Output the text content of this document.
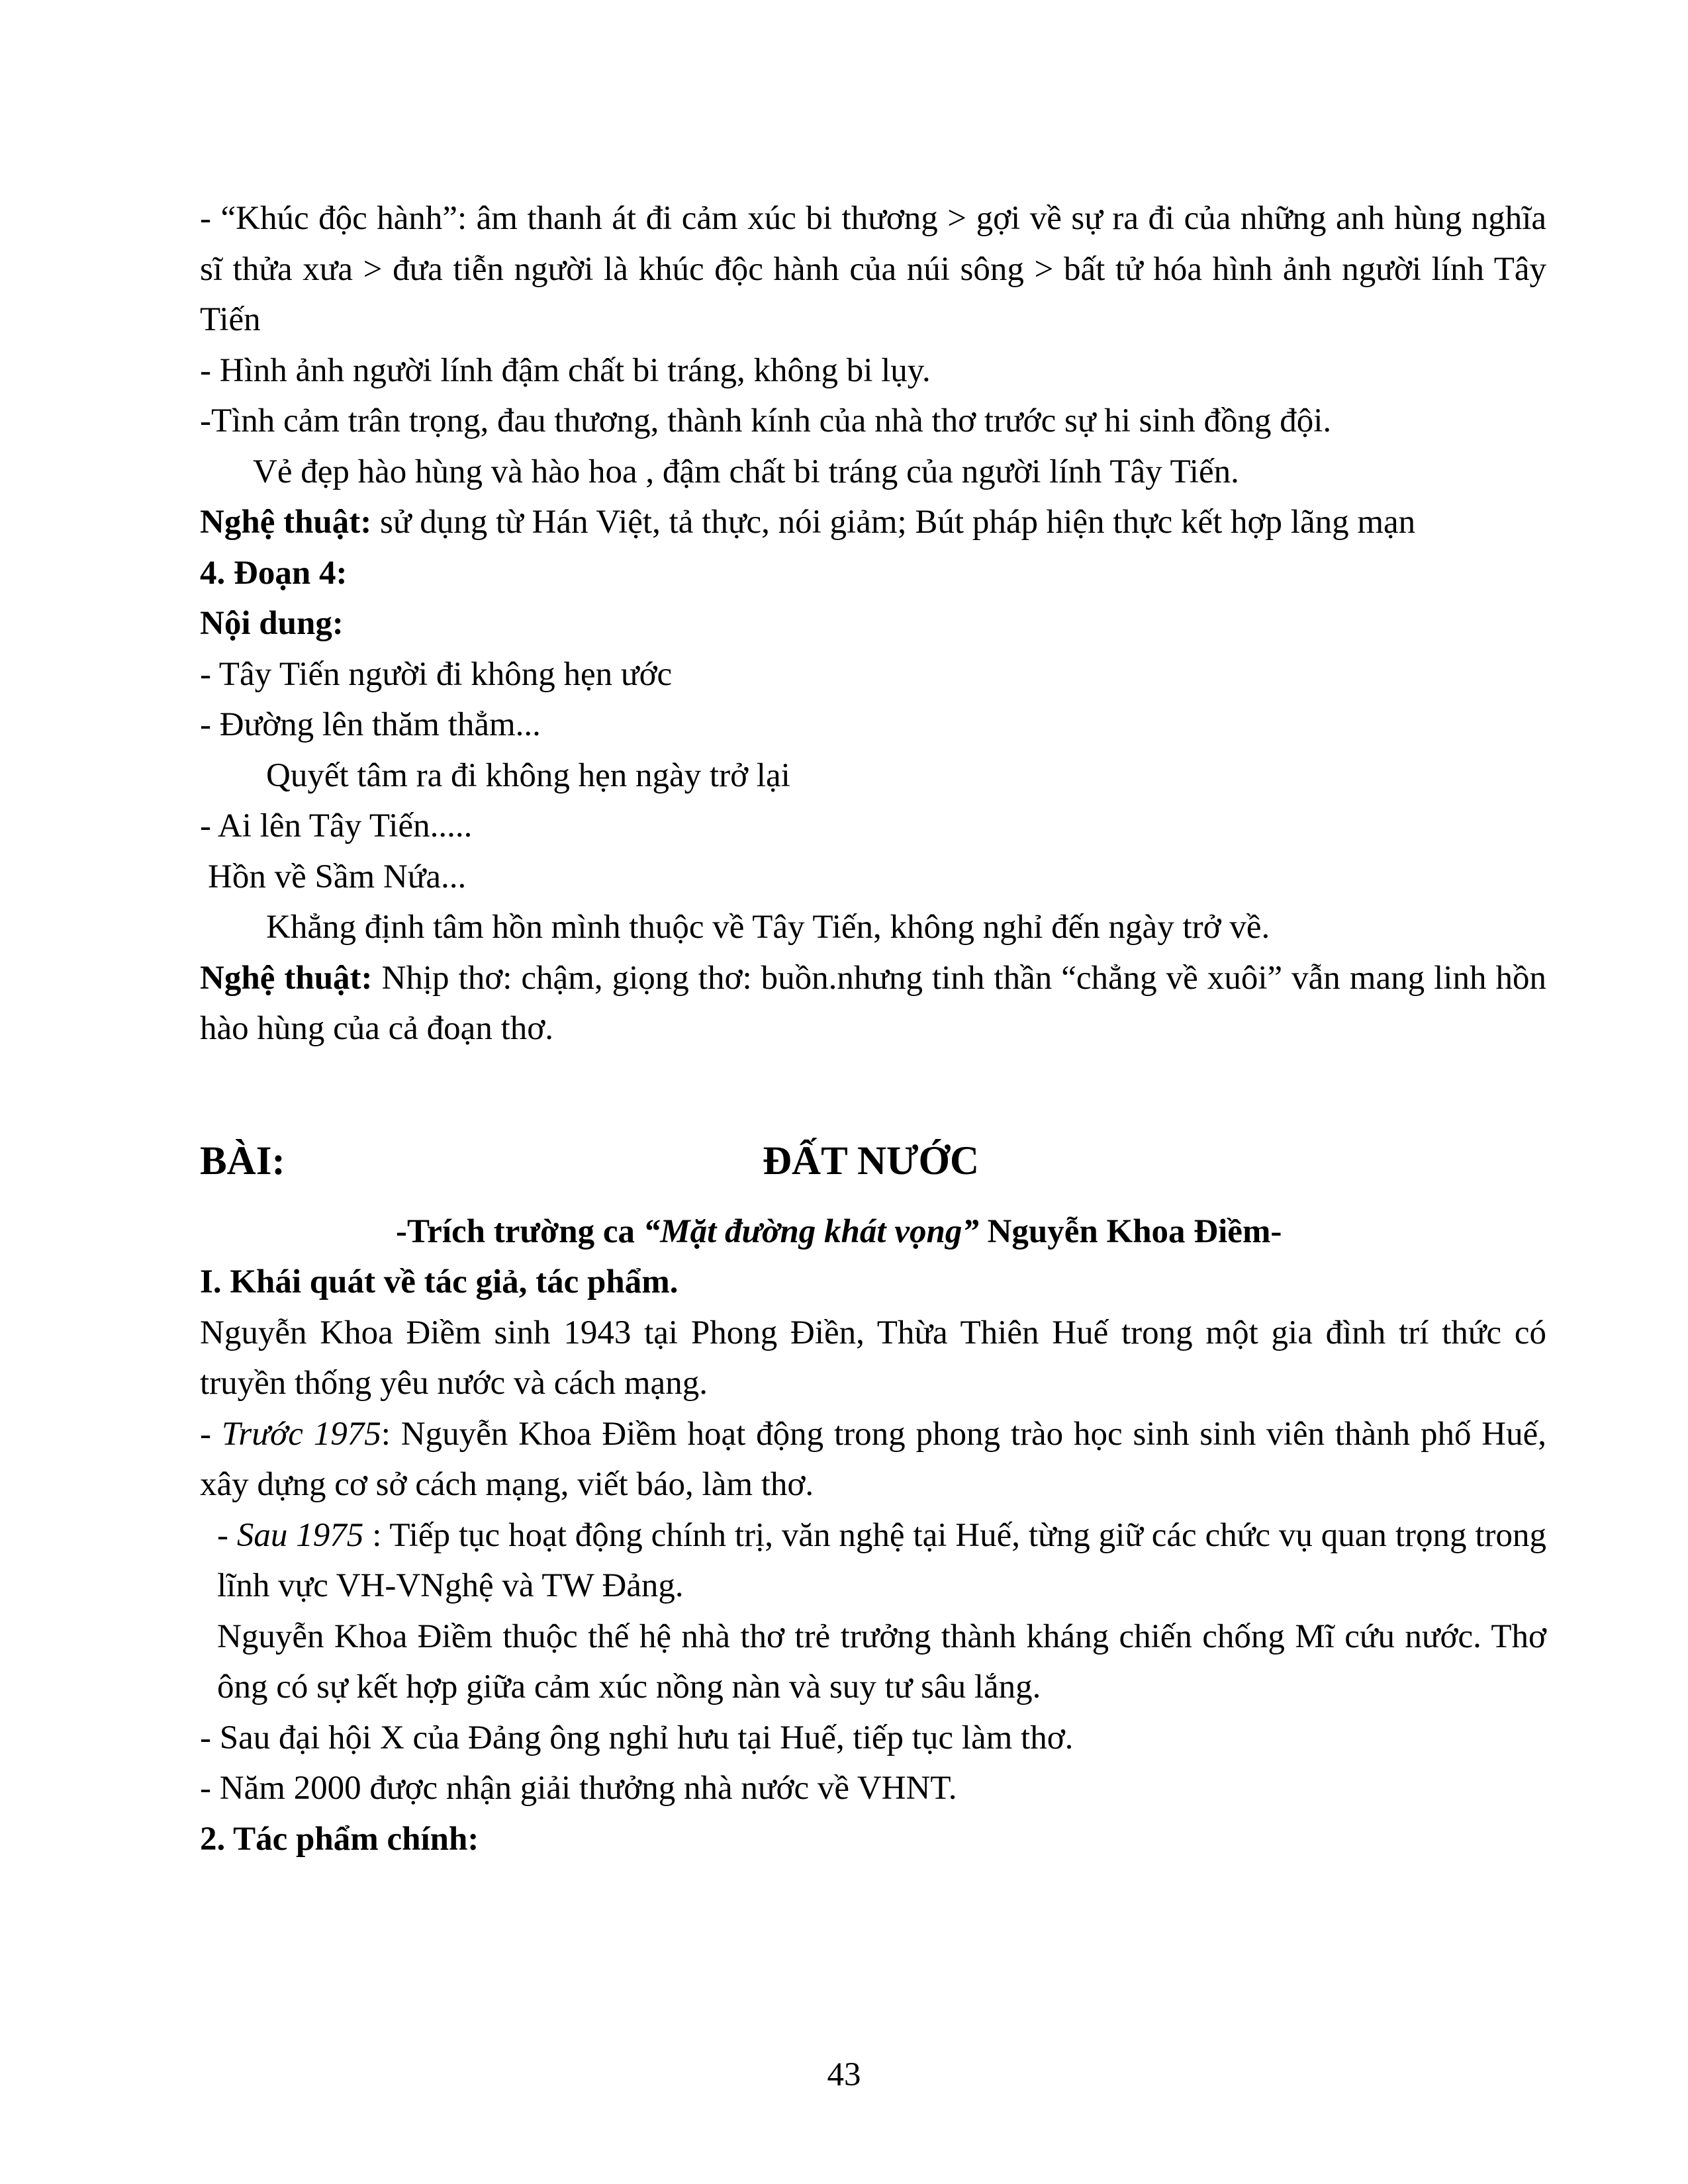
- “Khúc độc hành”: âm thanh át đi cảm xúc bi thương > gợi về sự ra đi của những anh hùng nghĩa sĩ thửa xưa > đưa tiễn người là khúc độc hành của núi sông > bất tử hóa hình ảnh người lính Tây Tiến

- Hình ảnh người lính đậm chất bi tráng, không bi lụy.

-Tình cảm trân trọng, đau thương, thành kính của nhà thơ trước sự hi sinh đồng đội.

Vẻ đẹp hào hùng và hào hoa , đậm chất bi tráng của người lính Tây Tiến.

Nghệ thuật: sử dụng từ Hán Việt, tả thực, nói giảm; Bút pháp hiện thực kết hợp lãng mạn

4. Đoạn 4:

Nội dung:

- Tây Tiến người đi không hẹn ước

- Đường lên thăm thẳm...

Quyết tâm ra đi không hẹn ngày trở lại

- Ai lên Tây Tiến.....

Hồn về Sầm Nứa...

Khẳng định tâm hồn mình thuộc về Tây Tiến, không nghỉ đến ngày trở về.

Nghệ thuật: Nhịp thơ: chậm, giọng thơ: buồn.nhưng tinh thần “chẳng về xuôi” vẫn mang linh hồn hào hùng của cả đoạn thơ.

BÀI:	ĐẤT NƯỚC

-Trích trường ca “Mặt đường khát vọng” Nguyễn Khoa Điềm-

I. Khái quát về tác giả, tác phẩm.

Nguyễn Khoa Điềm sinh 1943 tại Phong Điền, Thừa Thiên Huế trong một gia đình trí thức có truyền thống yêu nước và cách mạng.

- Trước 1975: Nguyễn Khoa Điềm hoạt động trong phong trào học sinh sinh viên thành phố Huế, xây dựng cơ sở cách mạng, viết báo, làm thơ.

- Sau 1975 : Tiếp tục hoạt động chính trị, văn nghệ tại Huế, từng giữ các chức vụ quan trọng trong lĩnh vực VH-VNghệ và TW Đảng.

Nguyễn Khoa Điềm thuộc thế hệ nhà thơ trẻ trưởng thành kháng chiến chống Mĩ cứu nước. Thơ ông có sự kết hợp giữa cảm xúc nồng nàn và suy tư sâu lắng.

- Sau đại hội X của Đảng ông nghỉ hưu tại Huế, tiếp tục làm thơ.

- Năm 2000 được nhận giải thưởng nhà nước về VHNT.

2. Tác phẩm chính:

43
